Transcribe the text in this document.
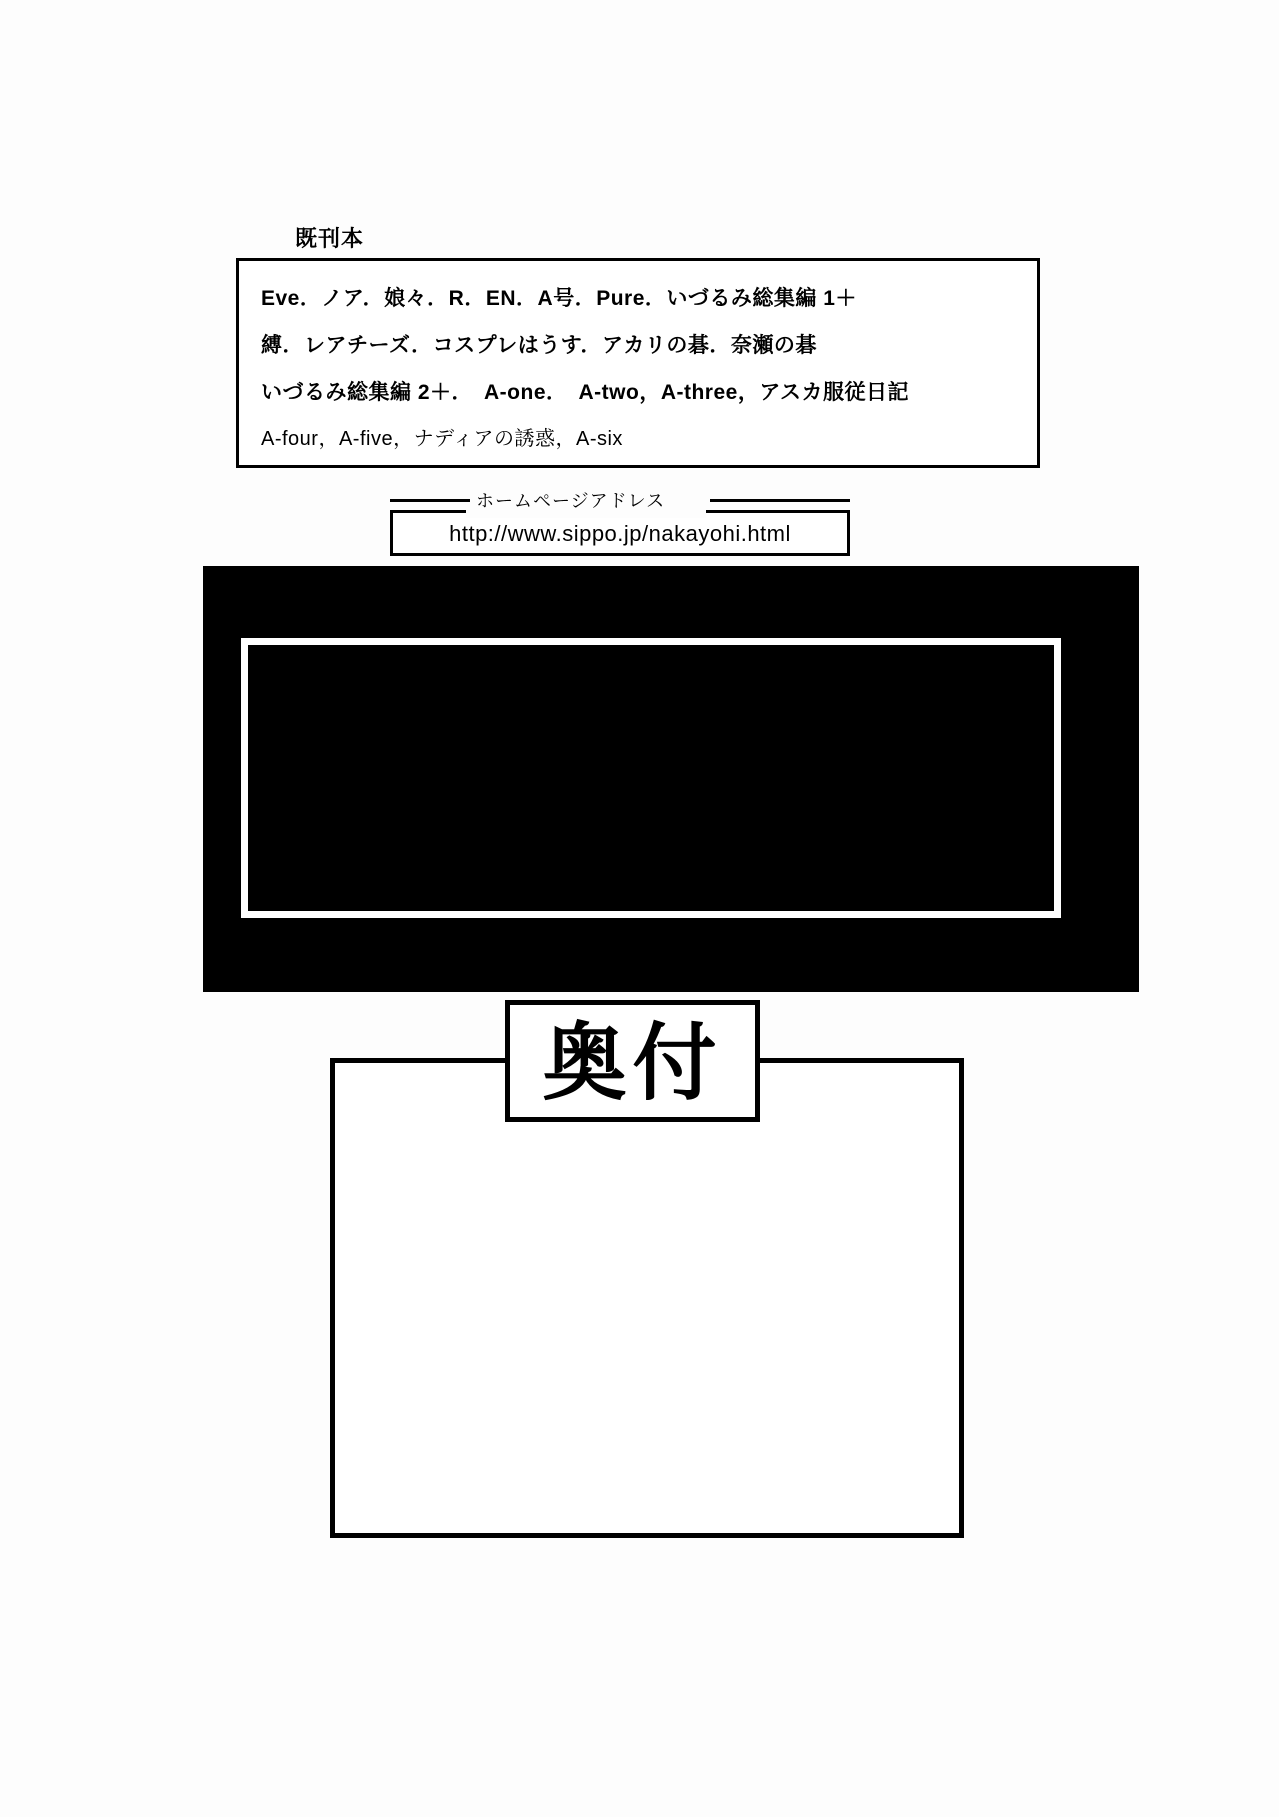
既刊本
Eve．ノア．娘々．R．EN．A号．Pure．いづるみ総集編 1＋
縛．レアチーズ．コスプレはうす．アカリの碁．奈瀬の碁
いづるみ総集編 2＋．　A-one．　A-two，A-three，アスカ服従日記
A-four，A-five，ナディアの誘惑，A-six
http://www.sippo.jp/nakayohi.html
ホームページアドレス
奥付
